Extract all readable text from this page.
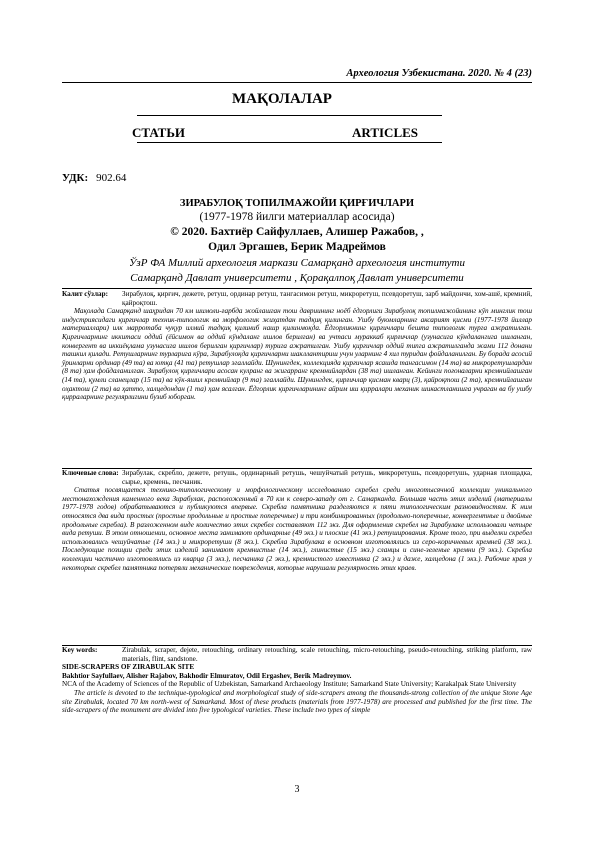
Археология Узбекистана. 2020. № 4 (23)
МАҚОЛАЛАР
СТАТЬИ	ARTICLES
УДК: 902.64
ЗИРАБУЛОҚ ТОПИЛМАЖОЙИ ҚИРҒИЧЛАРИ
(1977-1978 йилги материаллар асосида)
© 2020. Бахтиёр Сайфуллаев, Алишер Ражабов, ,
Одил Эргашев, Берик Мадреймов
ЎзР ФА Миллий археология маркази Самарқанд археология институти
Самарқанд Давлат университети , Қорақалпоқ Давлат университети
Калит сўзлар:	Зирабулоқ, қирғич, дежете, ретуш, ординар ретуш, тангасимон ретуш, микроретуш, псевдоретуш, зарб майдончи, хом-ашё, кремний, қайроқтош.
Мақолада Самарқанд шаҳридан 70 км шимоли-ғарбда жойлашган тош давриининг ноёб ёдгорлиги Зирабулоқ топилмажойининг кўп минглик тош индустриясидаги қирғичлар техник-типологик ва морфологик жиҳатдан тадқиқ қилинган. Ушбу буюмларнинг аксарият қисми (1977-1978 йиллар материаллари) илк марротаба чуқур илмий тадқиқ қилиниб нашр қилинмоқда. Ёдгорликнинг қирғичлари бешта типологик турга ажратилган. Қирғичларнинг иккитаси оддий (ёйсимон ва оддий кўндаланг ишлов берилган) ва учтаси мураккаб қирғичлар (узунасига кўндалангига ишланган, конвергент ва иккиёқлама узунасига ишлов берилган қирғичлар) турига ажратилган. Ушбу қирғичлар оддий типга ажратилганда жами 112 донани ташкил қилади. Ретушларнинг турларига кўра, Зирабулоқда қирғичларни шакллантириш учун уларнинг 4 хил туридан фойдаланилган. Бу борада асосий ўринларни ординар (49 та) ва ютқа (41 та) ретушлар эгаллайди. Шунингдек, коллекцияда қирғичлар ясашда тангасимон (14 та) ва микроретушлардан (8 та) ҳам фойдаланилган. Зирабулоқ қирғичлари асосан кулранг ва жигарранг кремнийлардан (38 та) ишланган. Кейинги поғоналарни кремнийлашган (14 та), қумли сланецлар (15 та) ва кўк-яшил кремнийлар (9 та) эгаллайди. Шунингдек, қирғичлар қисман кварц (3), қайроқтош (2 та), кремнийлашган оҳактош (2 та) ва ҳатто, халцедондан (1 та) ҳам ясалган. Ёдгорлик қирғичларининг айрим иш қирралари механик шикастланишга учраган ва бу ушбу қирраларнинг регулярлигини бузиб юборган.
Ключевые слова: Зирабулак, скребло, дежете, ретушь, ординарный ретушь, чешуйчатый ретушь, микроретушь, псевдоретушь, ударная площадка, сырье, кремень, песчаник.
Статья посвящается технико-типологическому и морфологическому исследованию скребел среди многотысячной коллекции уникального местонахождения каменного века Зирабулак, расположенный в 70 км к северо-западу от г. Самарканда. Большая часть этих изделий (материалы 1977-1978 годов) обрабатываются и публикуются впервые. Скребла памятника разделяются к пяти типологическим разновидностям. К ним относятся два вида простых (простые продольные и простые поперечные) и три комбинированных (продольно-поперечные, конвергентные и двойные продольные скребла). В разложенном виде количество этих скребел составляют 112 экз. Для оформления скребел на Зирабулаке использовали четыре вида ретуши. В этом отношении, основное места занимают ординарные (49 экз.) и плоские (41 экз.) ретуширования. Кроме того, при выделки скребел использовались чешуйчатые (14 экз.) и микроретуши (8 экз.). Скребла Зирабулака в основном изготовлялись из серо-коричневых кремней (38 экз.). Последующие позиции среди этих изделий занимают кремнистые (14 экз.), глинистые (15 экз.) сланцы и сине-зеленые кремни (9 экз.). Скребла коллекции частично изготовлялись из кварца (3 экз.), песчаника (2 экз.), кремнистого известняка (2 экз.) и даже, халцедона (1 экз.). Рабочие края у некоторых скребел памятника потеряли механические повреждения, которые нарушали регулярность этих краев.
Key words:	Zirabulak, scraper, dejete, retouching, ordinary retouching, scale retouching, micro-retouching, pseudo-retouching, striking platform, raw materials, flint, sandstone.
SIDE-SCRAPERS OF ZIRABULAK SITE
Bakhtior Sayfullaev, Alisher Rajabov, Bakhodir Elmuratov, Odil Ergashev, Berik Madreymov.
NCA of the Academy of Sciences of the Republic of Uzbekistan, Samarkand Archaeology Institute; Samarkand State University; Karakalpak State University
The article is devoted to the technique-typological and morphological study of side-scrapers among the thousands-strong collection of the unique Stone Age site Zirabulak, located 70 km north-west of Samarkand. Most of these products (materials from 1977-1978) are processed and published for the first time. The side-scrapers of the monument are divided into five typological varieties. These include two types of simple
3
